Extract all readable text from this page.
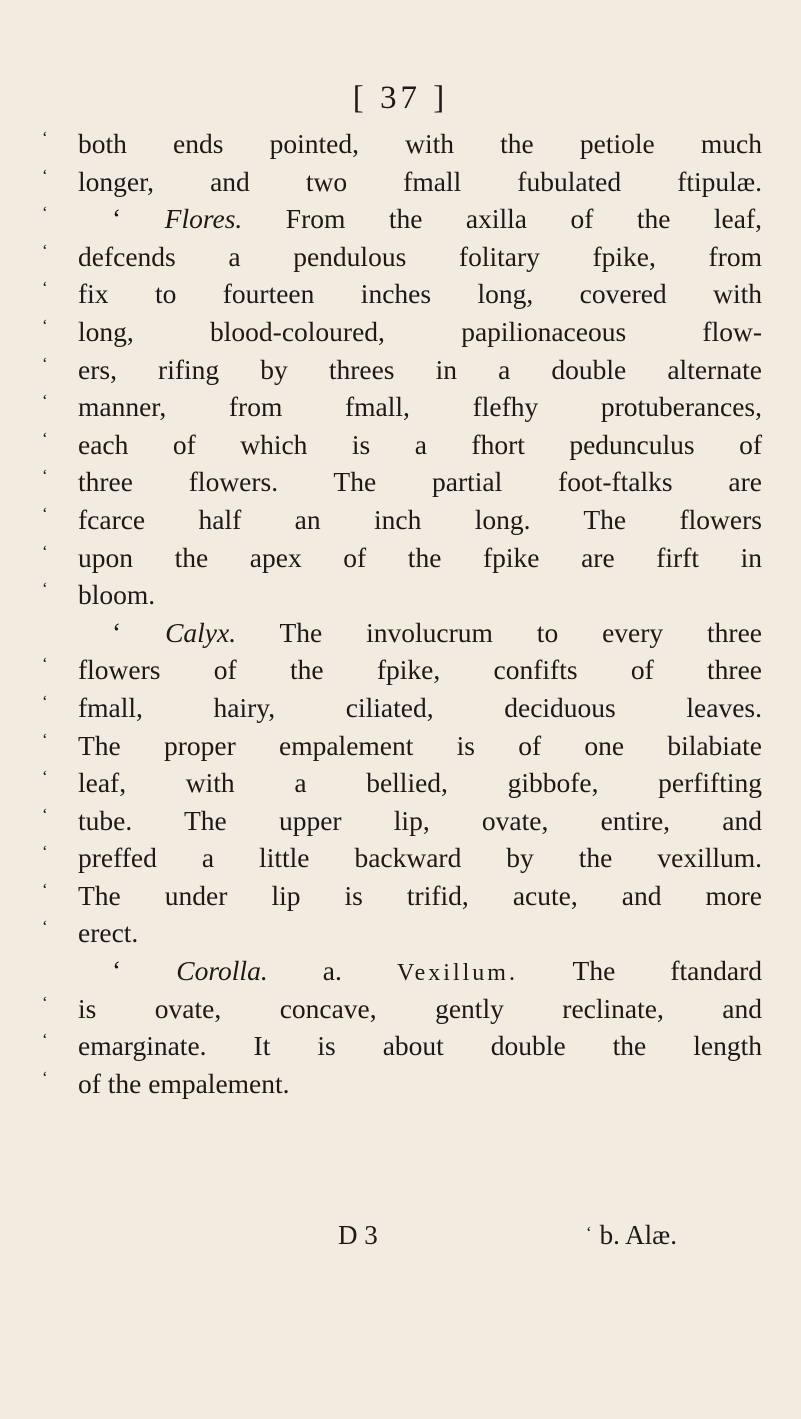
[ 37 ]
‘	both ends pointed, with the petiole much
‘	longer, and two fmall fubulated ftipulæ.
‘	‘ Flores. From the axilla of the leaf,
‘	defcends a pendulous folitary fpike, from
‘	fix to fourteen inches long, covered with
‘	long, blood-coloured, papilionaceous flow-
‘	ers, rifing by threes in a double alternate
‘	manner, from fmall, flefhy protuberances,
‘	each of which is a fhort pedunculus of
‘	three flowers. The partial foot-ftalks are
‘	fcarce half an inch long. The flowers
‘	upon the apex of the fpike are firft in
‘	bloom.
‘ Calyx. The involucrum to every three
‘	flowers of the fpike, confifts of three
‘	fmall, hairy, ciliated, deciduous leaves.
‘	The proper empalement is of one bilabiate
‘	leaf, with a bellied, gibbofe, perfifting
‘	tube. The upper lip, ovate, entire, and
‘	preffed a little backward by the vexillum.
‘	The under lip is trifid, acute, and more
‘	erect.
‘ Corolla. a. Vexillum. The ftandard
‘	is ovate, concave, gently reclinate, and
‘	emarginate. It is about double the length
‘	of the empalement.
D 3	‘ b. Alæ.
